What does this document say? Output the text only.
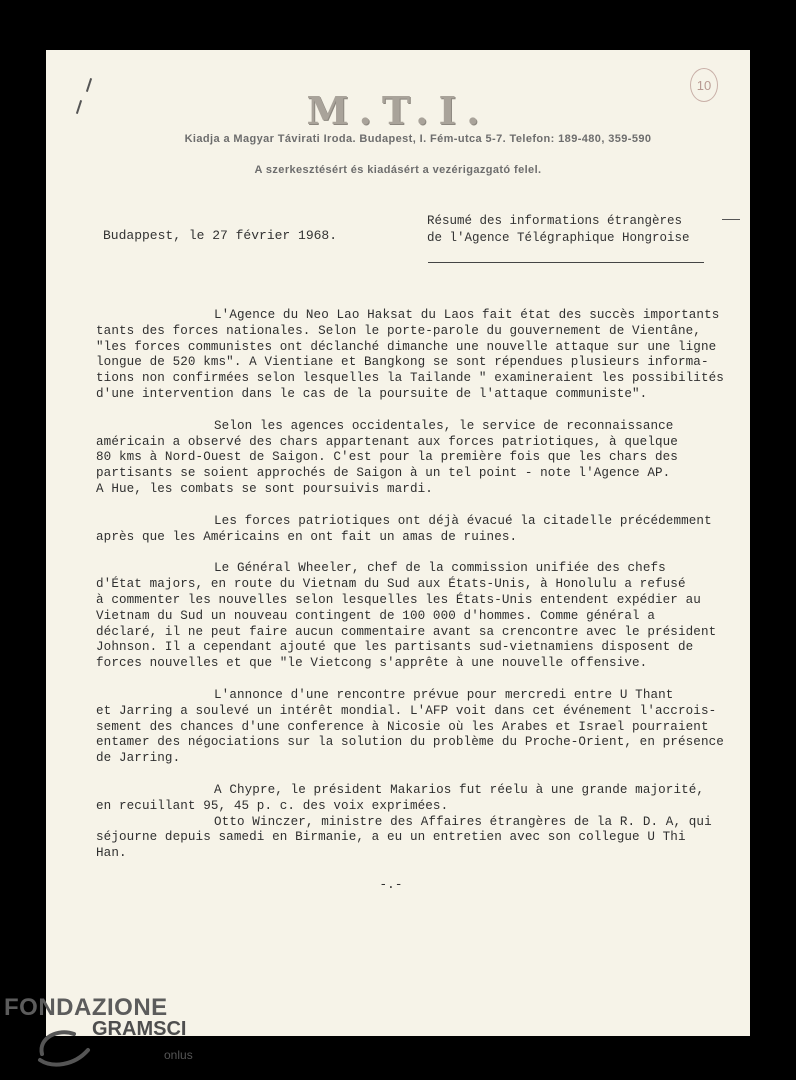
10
M.T.I.
Kiadja a Magyar Távirati Iroda. Budapest, I. Fém-utca 5-7. Telefon: 189-480, 359-590
A szerkesztésért és kiadásért a vezérigazgató felel.
Budappest, le 27 février 1968.
Résumé des informations étrangères
de l'Agence Télégraphique Hongroise
L'Agence du Neo Lao Haksat du Laos fait état des succès importants
tants des forces nationales. Selon le porte-parole du gouvernement de Vientâne,
"les forces communistes ont déclanché dimanche une nouvelle attaque sur une ligne
longue de 520 kms". A Vientiane et Bangkong se sont répendues plusieurs informa-
tions non confirmées selon lesquelles la Tailande " examineraient les possibilités
d'une intervention dans le cas de la poursuite de l'attaque communiste".
Selon les agences occidentales, le service de reconnaissance
américain a observé des chars appartenant aux forces patriotiques, à quelque
80 kms à Nord-Ouest de Saigon. C'est pour la première fois que les chars des
partisants se soient approchés de Saigon à un tel point - note l'Agence AP.
A Hue, les combats se sont poursuivis mardi.
Les forces patriotiques ont déjà évacué la citadelle précédemment
après que les Américains en ont fait un amas de ruines.
Le Général Wheeler, chef de la commission unifiée des chefs
d'État majors, en route du Vietnam du Sud aux États-Unis, à Honolulu a refusé
à commenter les nouvelles selon lesquelles les États-Unis entendent expédier au
Vietnam du Sud un nouveau contingent de 100 000 d'hommes. Comme général a
déclaré, il ne peut faire aucun commentaire avant sa crencontre avec le président
Johnson. Il a cependant ajouté que les partisants sud-vietnamiens disposent de
forces nouvelles et que "le Vietcong s'apprête à une nouvelle offensive.
L'annonce d'une rencontre prévue pour mercredi entre U Thant
et Jarring a soulevé un intérêt mondial. L'AFP voit dans cet événement l'accrois-
sement des chances d'une conference à Nicosie où les Arabes et Israel pourraient
entamer des négociations sur la solution du problème du Proche-Orient, en présence
de Jarring.
A Chypre, le président Makarios fut réelu à une grande majorité,
en recuillant 95, 45 p. c. des voix exprimées.
Otto Winczer, ministre des Affaires étrangères de la R. D. A, qui
séjourne depuis samedi en Birmanie, a eu un entretien avec son collegue U Thi
Han.
-.-
FONDAZIONE
GRAMSCI
onlus
